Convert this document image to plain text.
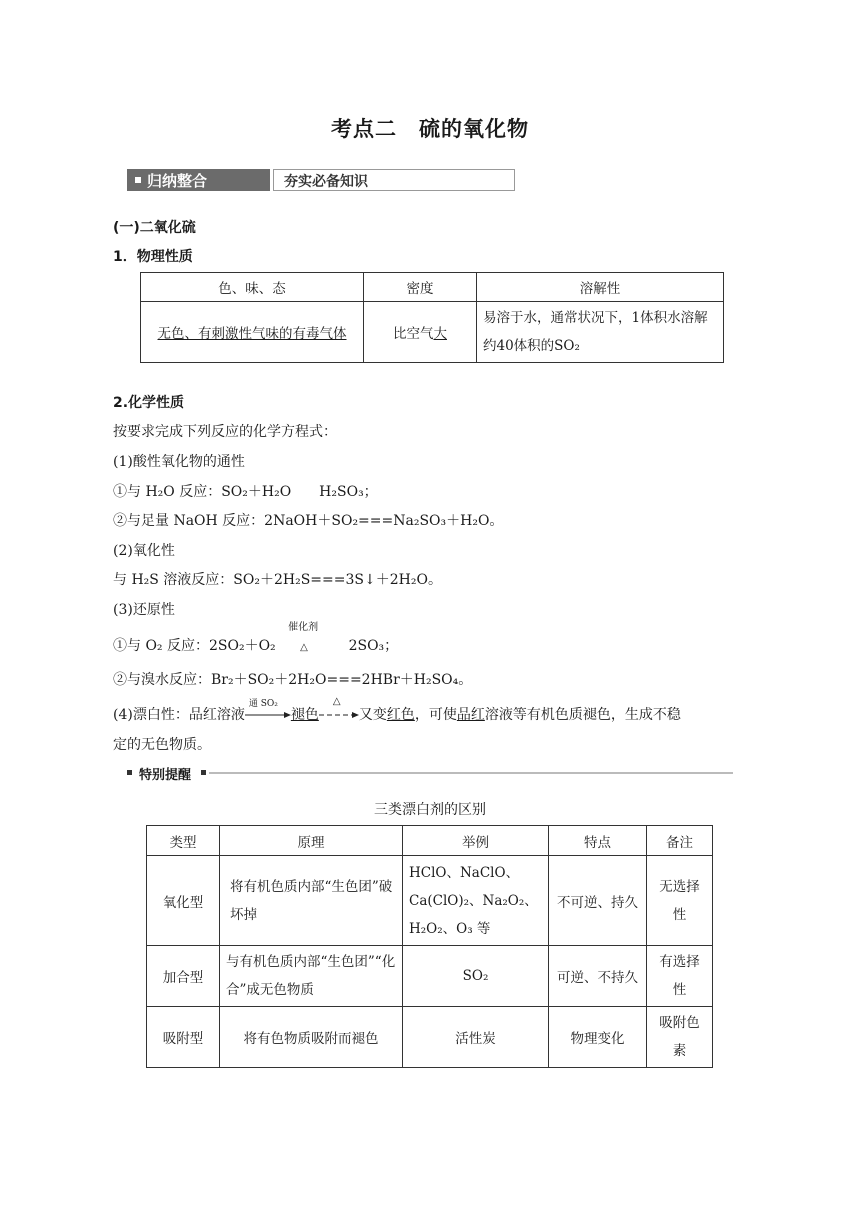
考点二　硫的氧化物
归纳整合	夯实必备知识
(一)二氧化硫
1．物理性质
色、味、态	密度	溶解性
无色、有刺激性气味的有毒气体	比空气大	易溶于水，通常状况下，1体积水溶解约40体积的SO₂
2.化学性质
按要求完成下列反应的化学方程式：
(1)酸性氧化物的通性
①与 H₂O 反应：SO₂＋H₂O　　H₂SO₃；
②与足量 NaOH 反应：2NaOH＋SO₂===Na₂SO₃＋H₂O。
(2)氧化性
与 H₂S 溶液反应：SO₂＋2H₂S===3S↓＋2H₂O。
(3)还原性
①与 O₂ 反应：2SO₂＋O₂
催化剂
△	2SO₃；
②与溴水反应：Br₂＋SO₂＋2H₂O===2HBr＋H₂SO₄。
(4)漂白性：品红溶液
通 SO₂
褪色
△
又变红色，可使品红溶液等有机色质褪色，生成不稳
定的无色物质。
特别提醒
三类漂白剂的区别
类型	原理	举例	特点	备注
氧化型	将有机色质内部“生色团”破坏掉	HClO、NaClO、Ca(ClO)₂、Na₂O₂、H₂O₂、O₃ 等	不可逆、持久	无选择性
加合型	与有机色质内部“生色团”“化合”成无色物质	SO₂	可逆、不持久	有选择性
吸附型	将有色物质吸附而褪色	活性炭	物理变化	吸附色素
